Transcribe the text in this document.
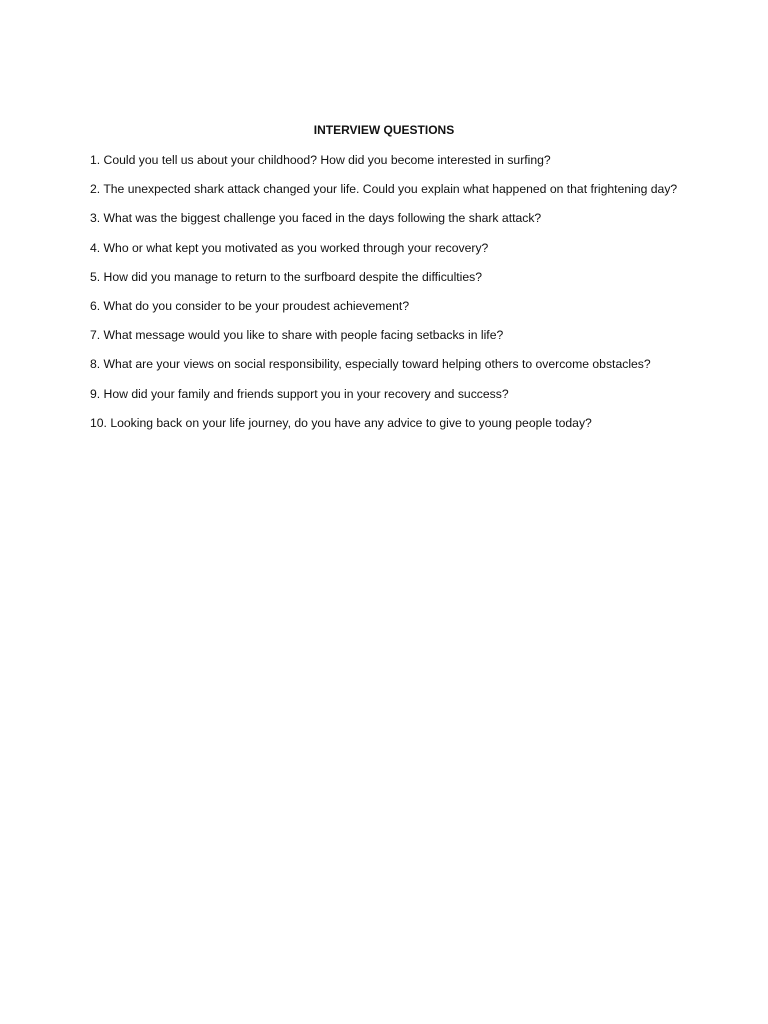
INTERVIEW QUESTIONS
1. Could you tell us about your childhood? How did you become interested in surfing?
2. The unexpected shark attack changed your life. Could you explain what happened on that frightening day?
3. What was the biggest challenge you faced in the days following the shark attack?
4. Who or what kept you motivated as you worked through your recovery?
5. How did you manage to return to the surfboard despite the difficulties?
6. What do you consider to be your proudest achievement?
7. What message would you like to share with people facing setbacks in life?
8. What are your views on social responsibility, especially toward helping others to overcome obstacles?
9. How did your family and friends support you in your recovery and success?
10. Looking back on your life journey, do you have any advice to give to young people today?
